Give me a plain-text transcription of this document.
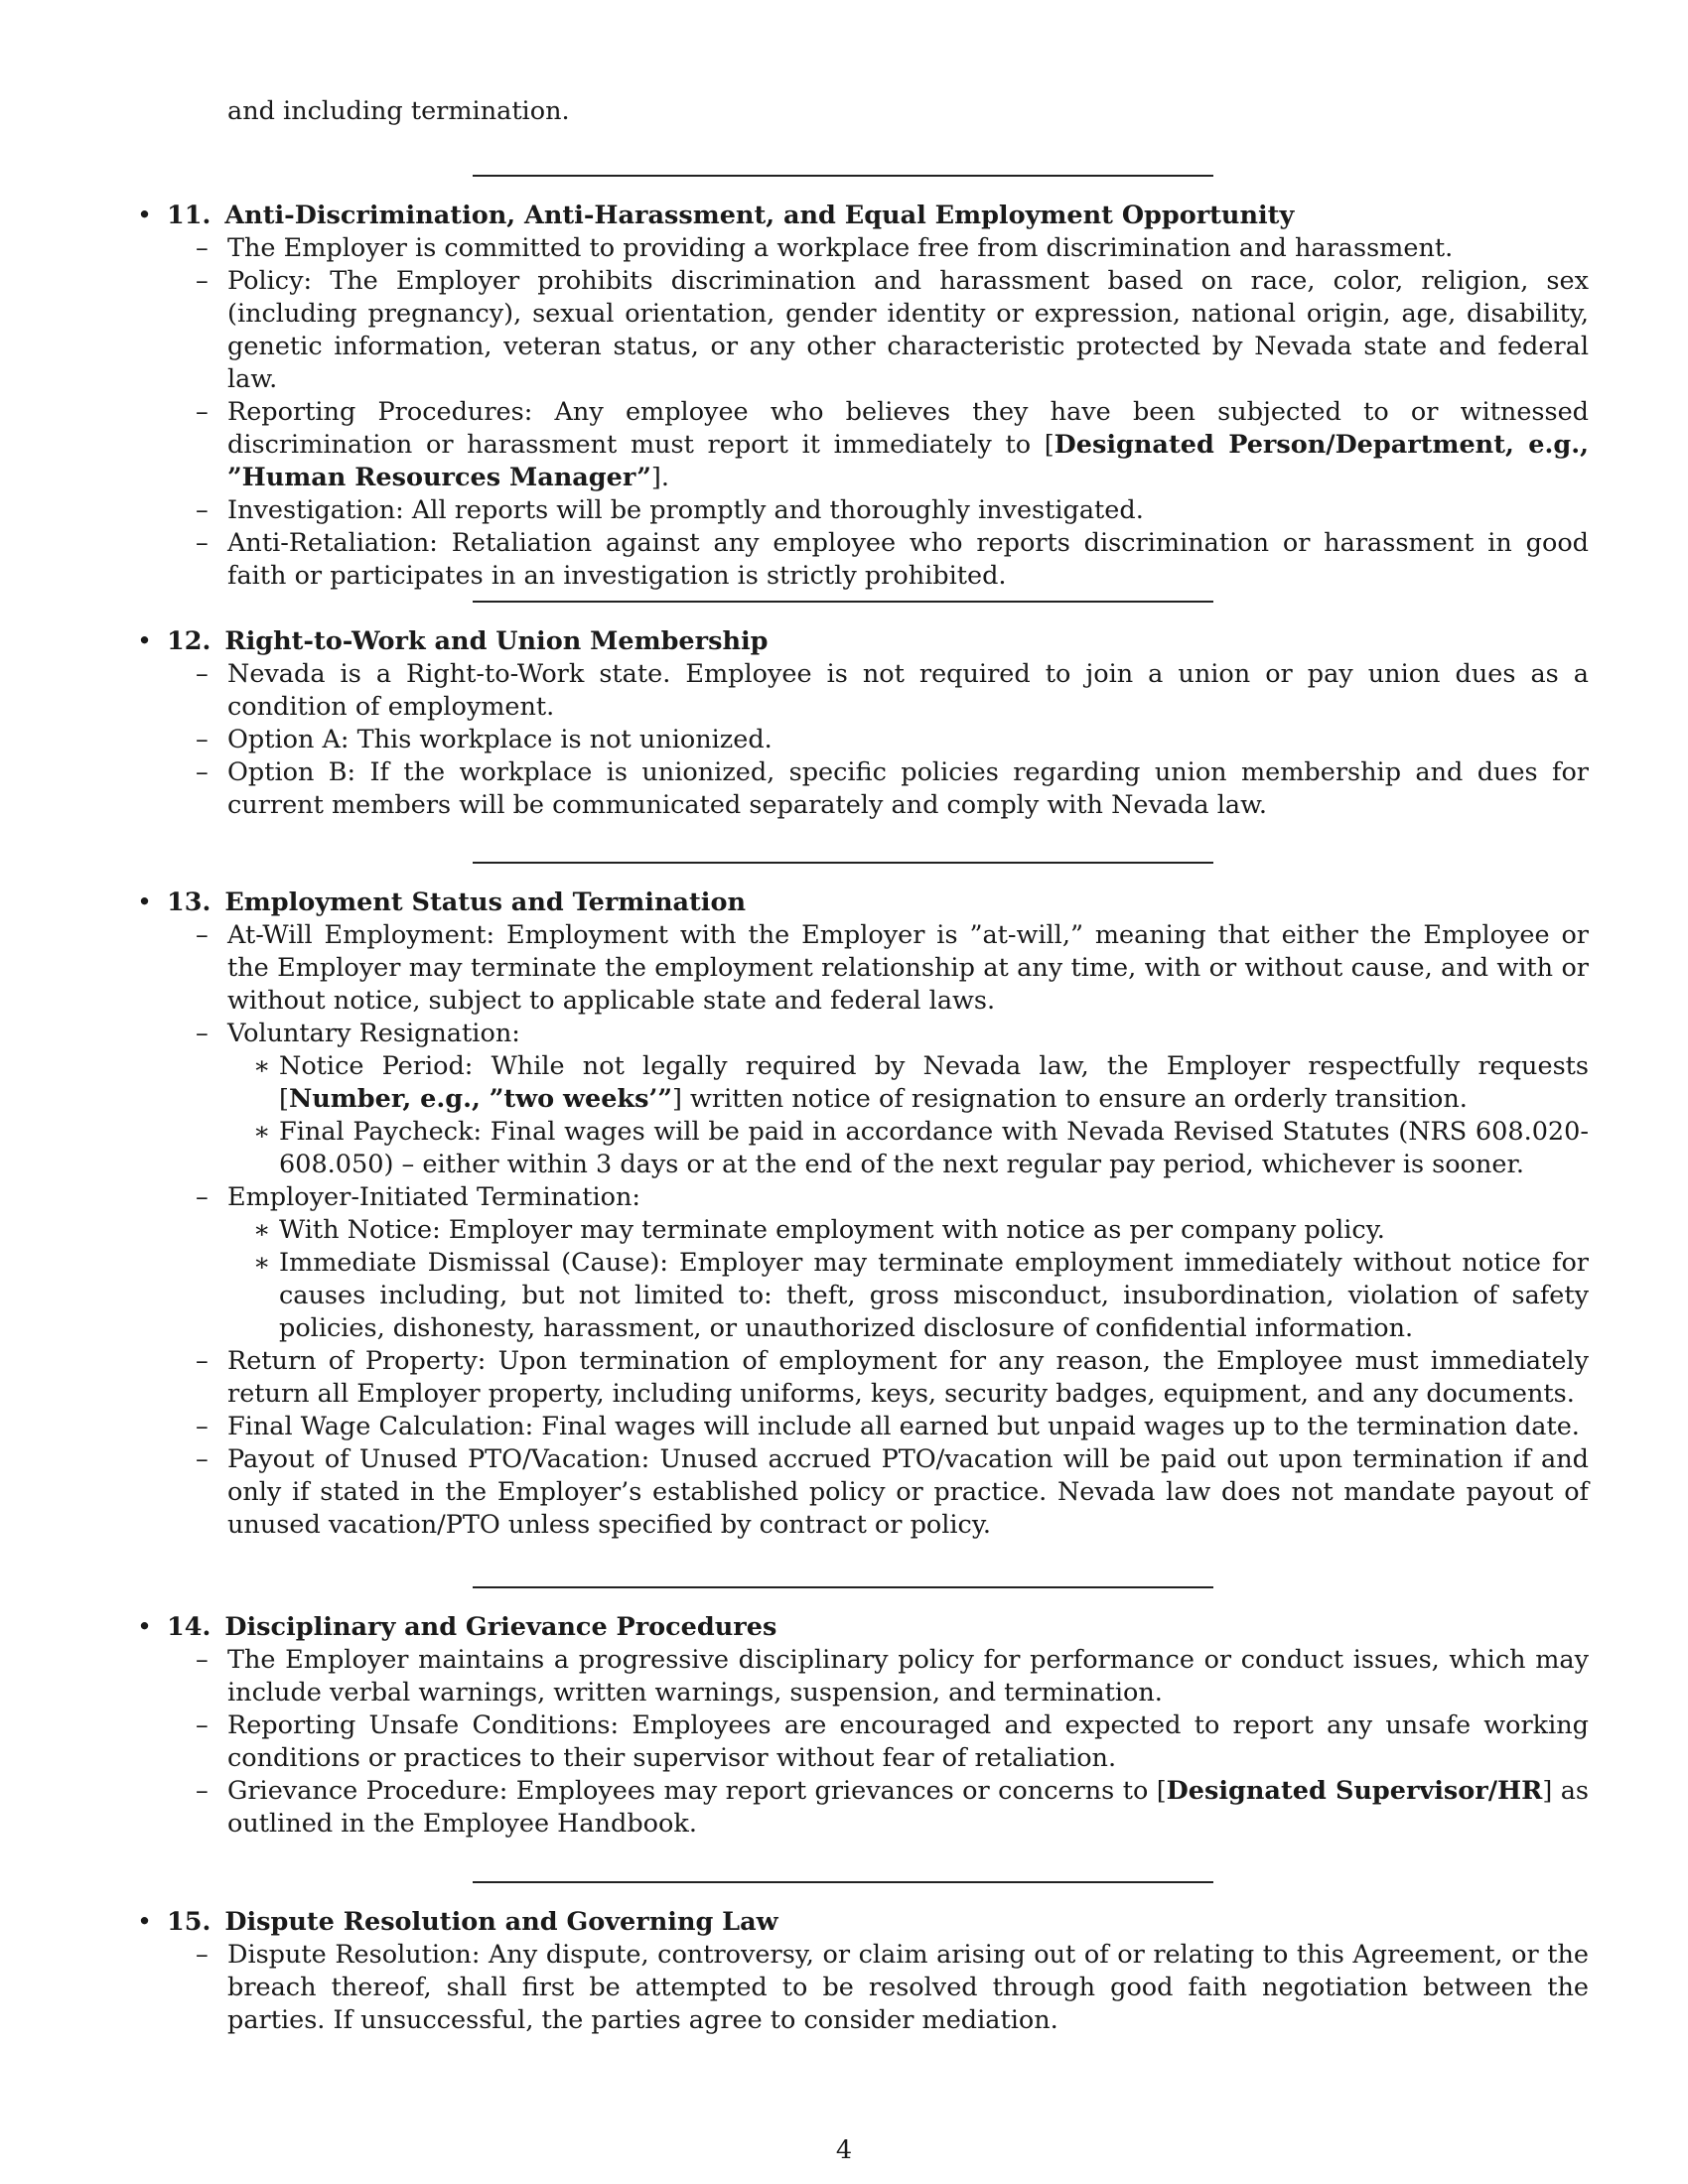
and including termination.
• 11. Anti-Discrimination, Anti-Harassment, and Equal Employment Opportunity
– The Employer is committed to providing a workplace free from discrimination and harassment.
– Policy: The Employer prohibits discrimination and harassment based on race, color, religion, sex (including pregnancy), sexual orientation, gender identity or expression, national origin, age, disability, genetic information, veteran status, or any other characteristic protected by Nevada state and federal law.
– Reporting Procedures: Any employee who believes they have been subjected to or witnessed discrimination or harassment must report it immediately to [Designated Person/Department, e.g., ”Human Resources Manager”].
– Investigation: All reports will be promptly and thoroughly investigated.
– Anti-Retaliation: Retaliation against any employee who reports discrimination or harassment in good faith or participates in an investigation is strictly prohibited.
• 12. Right-to-Work and Union Membership
– Nevada is a Right-to-Work state. Employee is not required to join a union or pay union dues as a condition of employment.
– Option A: This workplace is not unionized.
– Option B: If the workplace is unionized, specific policies regarding union membership and dues for current members will be communicated separately and comply with Nevada law.
• 13. Employment Status and Termination
– At-Will Employment: Employment with the Employer is ”at-will,” meaning that either the Employee or the Employer may terminate the employment relationship at any time, with or without cause, and with or without notice, subject to applicable state and federal laws.
– Voluntary Resignation:
∗ Notice Period: While not legally required by Nevada law, the Employer respectfully requests [Number, e.g., ”two weeks’”] written notice of resignation to ensure an orderly transition.
∗ Final Paycheck: Final wages will be paid in accordance with Nevada Revised Statutes (NRS 608.020-608.050) – either within 3 days or at the end of the next regular pay period, whichever is sooner.
– Employer-Initiated Termination:
∗ With Notice: Employer may terminate employment with notice as per company policy.
∗ Immediate Dismissal (Cause): Employer may terminate employment immediately without notice for causes including, but not limited to: theft, gross misconduct, insubordination, violation of safety policies, dishonesty, harassment, or unauthorized disclosure of confidential information.
– Return of Property: Upon termination of employment for any reason, the Employee must immediately return all Employer property, including uniforms, keys, security badges, equipment, and any documents.
– Final Wage Calculation: Final wages will include all earned but unpaid wages up to the termination date.
– Payout of Unused PTO/Vacation: Unused accrued PTO/vacation will be paid out upon termination if and only if stated in the Employer’s established policy or practice. Nevada law does not mandate payout of unused vacation/PTO unless specified by contract or policy.
• 14. Disciplinary and Grievance Procedures
– The Employer maintains a progressive disciplinary policy for performance or conduct issues, which may include verbal warnings, written warnings, suspension, and termination.
– Reporting Unsafe Conditions: Employees are encouraged and expected to report any unsafe working conditions or practices to their supervisor without fear of retaliation.
– Grievance Procedure: Employees may report grievances or concerns to [Designated Supervisor/HR] as outlined in the Employee Handbook.
• 15. Dispute Resolution and Governing Law
– Dispute Resolution: Any dispute, controversy, or claim arising out of or relating to this Agreement, or the breach thereof, shall first be attempted to be resolved through good faith negotiation between the parties. If unsuccessful, the parties agree to consider mediation.
4
